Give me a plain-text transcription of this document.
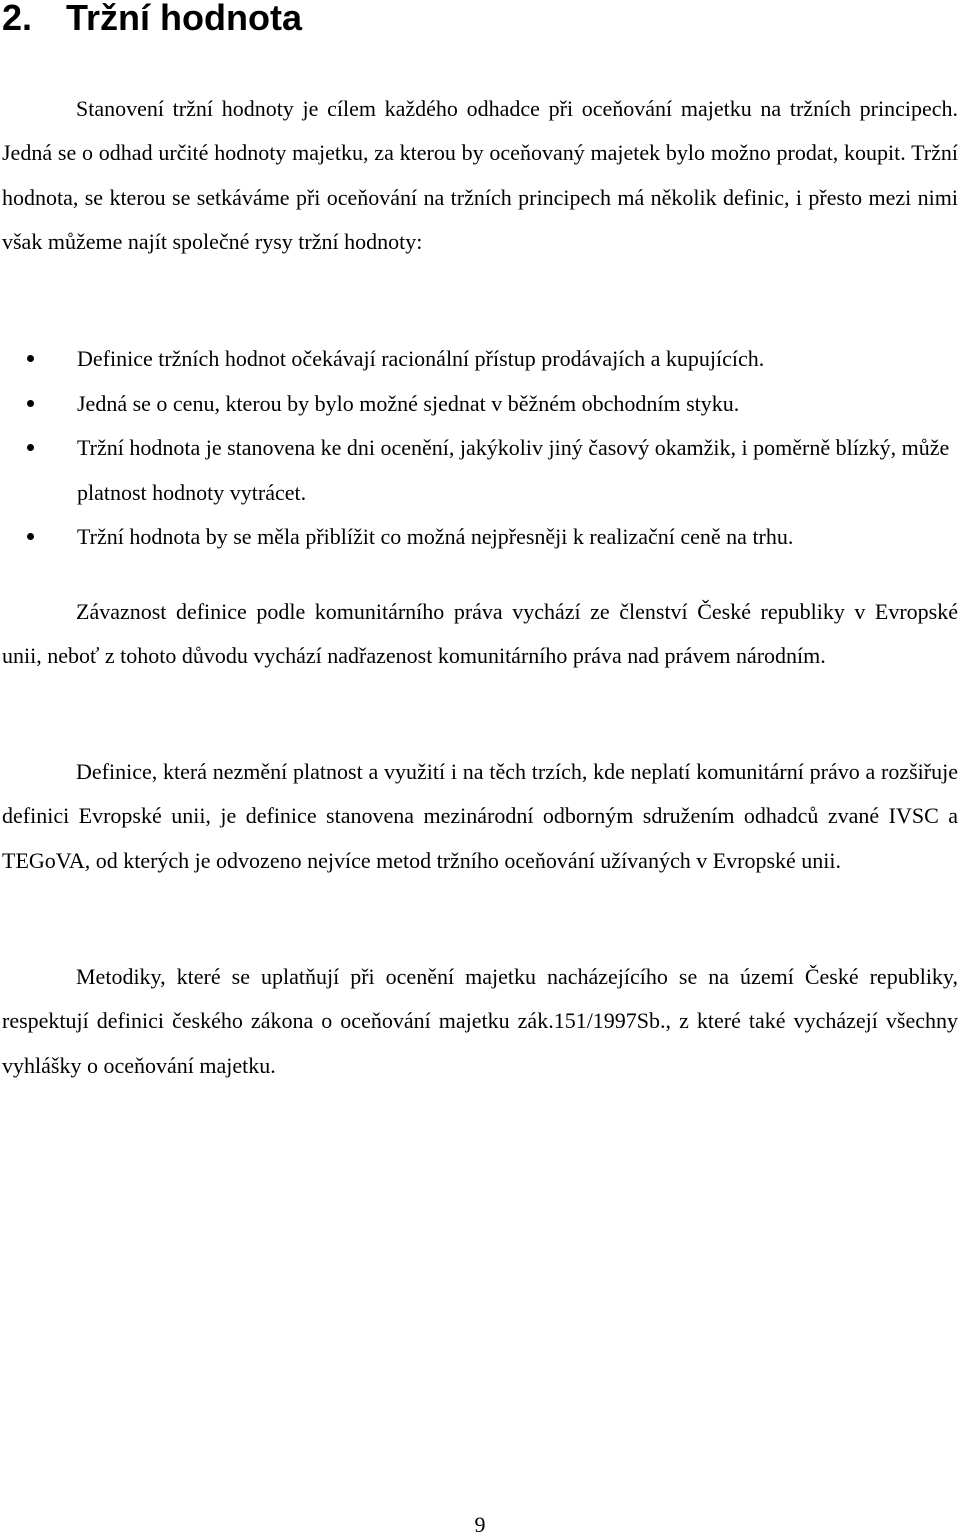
2. Tržní hodnota

Stanovení tržní hodnoty je cílem každého odhadce při oceňování majetku na tržních principech. Jedná se o odhad určité hodnoty majetku, za kterou by oceňovaný majetek bylo možno prodat, koupit. Tržní hodnota, se kterou se setkáváme při oceňování na tržních principech má několik definic, i přesto mezi nimi však můžeme najít společné rysy tržní hodnoty:

Definice tržních hodnot očekávají racionální přístup prodávajích a kupujících.
Jedná se o cenu, kterou by bylo možné sjednat v běžném obchodním styku.
Tržní hodnota je stanovena ke dni ocenění, jakýkoliv jiný časový okamžik, i poměrně blízký, může platnost hodnoty vytrácet.
Tržní hodnota by se měla přiblížit co možná nejpřesněji k realizační ceně na trhu.

Závaznost definice podle komunitárního práva vychází ze členství České republiky v Evropské unii, neboť z tohoto důvodu vychází nadřazenost komunitárního práva nad právem národním.

Definice, která nezmění platnost a využití i na těch trzích, kde neplatí komunitární právo a rozšiřuje definici Evropské unii, je definice stanovena mezinárodní odborným sdružením odhadců zvané IVSC a TEGoVA, od kterých je odvozeno nejvíce metod tržního oceňování užívaných v Evropské unii.

Metodiky, které se uplatňují při ocenění majetku nacházejícího se na území České republiky, respektují definici českého zákona o oceňování majetku zák.151/1997Sb., z které také vycházejí všechny vyhlášky o oceňování majetku.

9
